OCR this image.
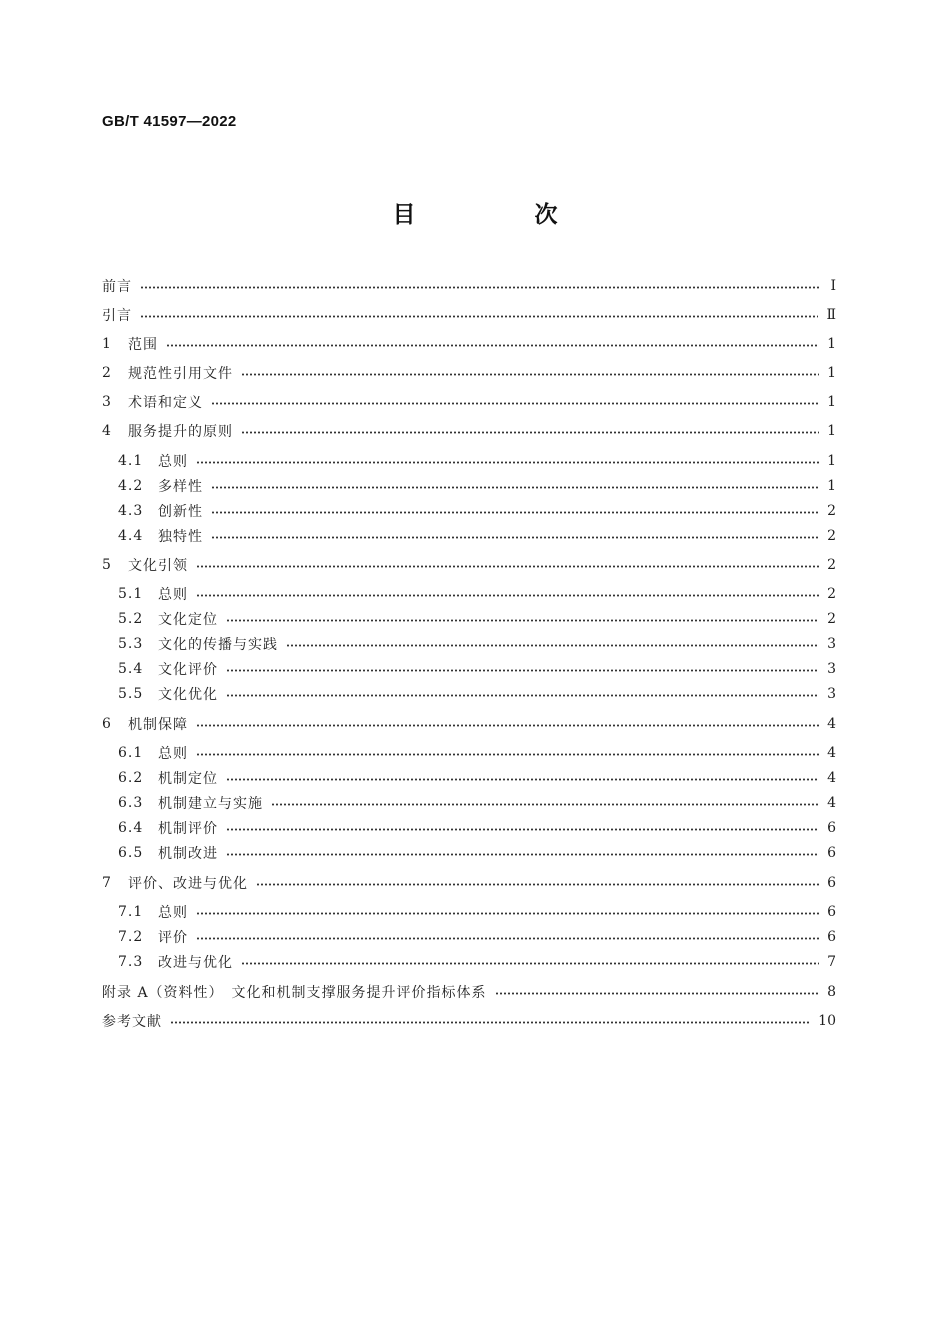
GB/T 41597—2022
目　次
前言	Ⅰ
引言	Ⅱ
1	范围	1
2	规范性引用文件	1
3	术语和定义	1
4	服务提升的原则	1
4.1	总则	1
4.2	多样性	1
4.3	创新性	2
4.4	独特性	2
5	文化引领	2
5.1	总则	2
5.2	文化定位	2
5.3	文化的传播与实践	3
5.4	文化评价	3
5.5	文化优化	3
6	机制保障	4
6.1	总则	4
6.2	机制定位	4
6.3	机制建立与实施	4
6.4	机制评价	6
6.5	机制改进	6
7	评价、改进与优化	6
7.1	总则	6
7.2	评价	6
7.3	改进与优化	7
附录 A（资料性）　文化和机制支撑服务提升评价指标体系	8
参考文献	10
